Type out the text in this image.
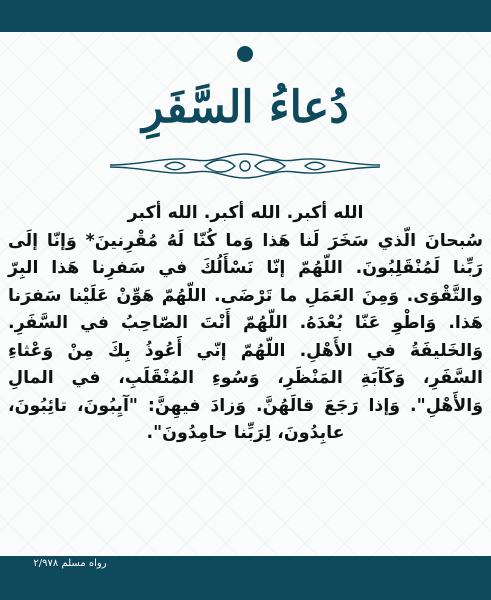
دُعاءُ السَّفَرِ

الله أكبر. الله أكبر. الله أكبر

سُبحانَ الّذي سَخَرَ لَنا هَذا وَما كُنّا لَهُ مُقْرِنينَ* وَإنّا إلَى رَبِّنا لَمُنْقَلِبُونَ. اللّهُمّ إنّا نَسْأَلُكَ في سَفرِنا هَذا البِرّ والتَّقْوَى. وَمِنَ العَمَلِ ما تَرْضَى. اللّهُمّ هَوِّنْ عَلَيْنا سَفرَنا هَذا. وَاطْوِ عَنّا بُعْدَهُ. اللّهُمّ أَنْتَ الصّاحِبُ في السَّفَرِ. وَالخَليفَةُ في الأَهْلِ. اللّهُمّ إنّي أَعُوذُ بِكَ مِنْ وَعْثاءِ السَّفَرِ، وَكَآبَةِ المَنْظَرِ، وَسُوءِ المُنْقَلَبِ، في المالِ وَالأَهْلِ". وَإذا رَجَعَ قالَهُنَّ. وَزادَ فيهِنَّ: "آيِبُونَ، تائِبُونَ، عابِدُونَ، لِرَبِّنا حامِدُونَ".

رواه مسلم ٢/٩٧٨
